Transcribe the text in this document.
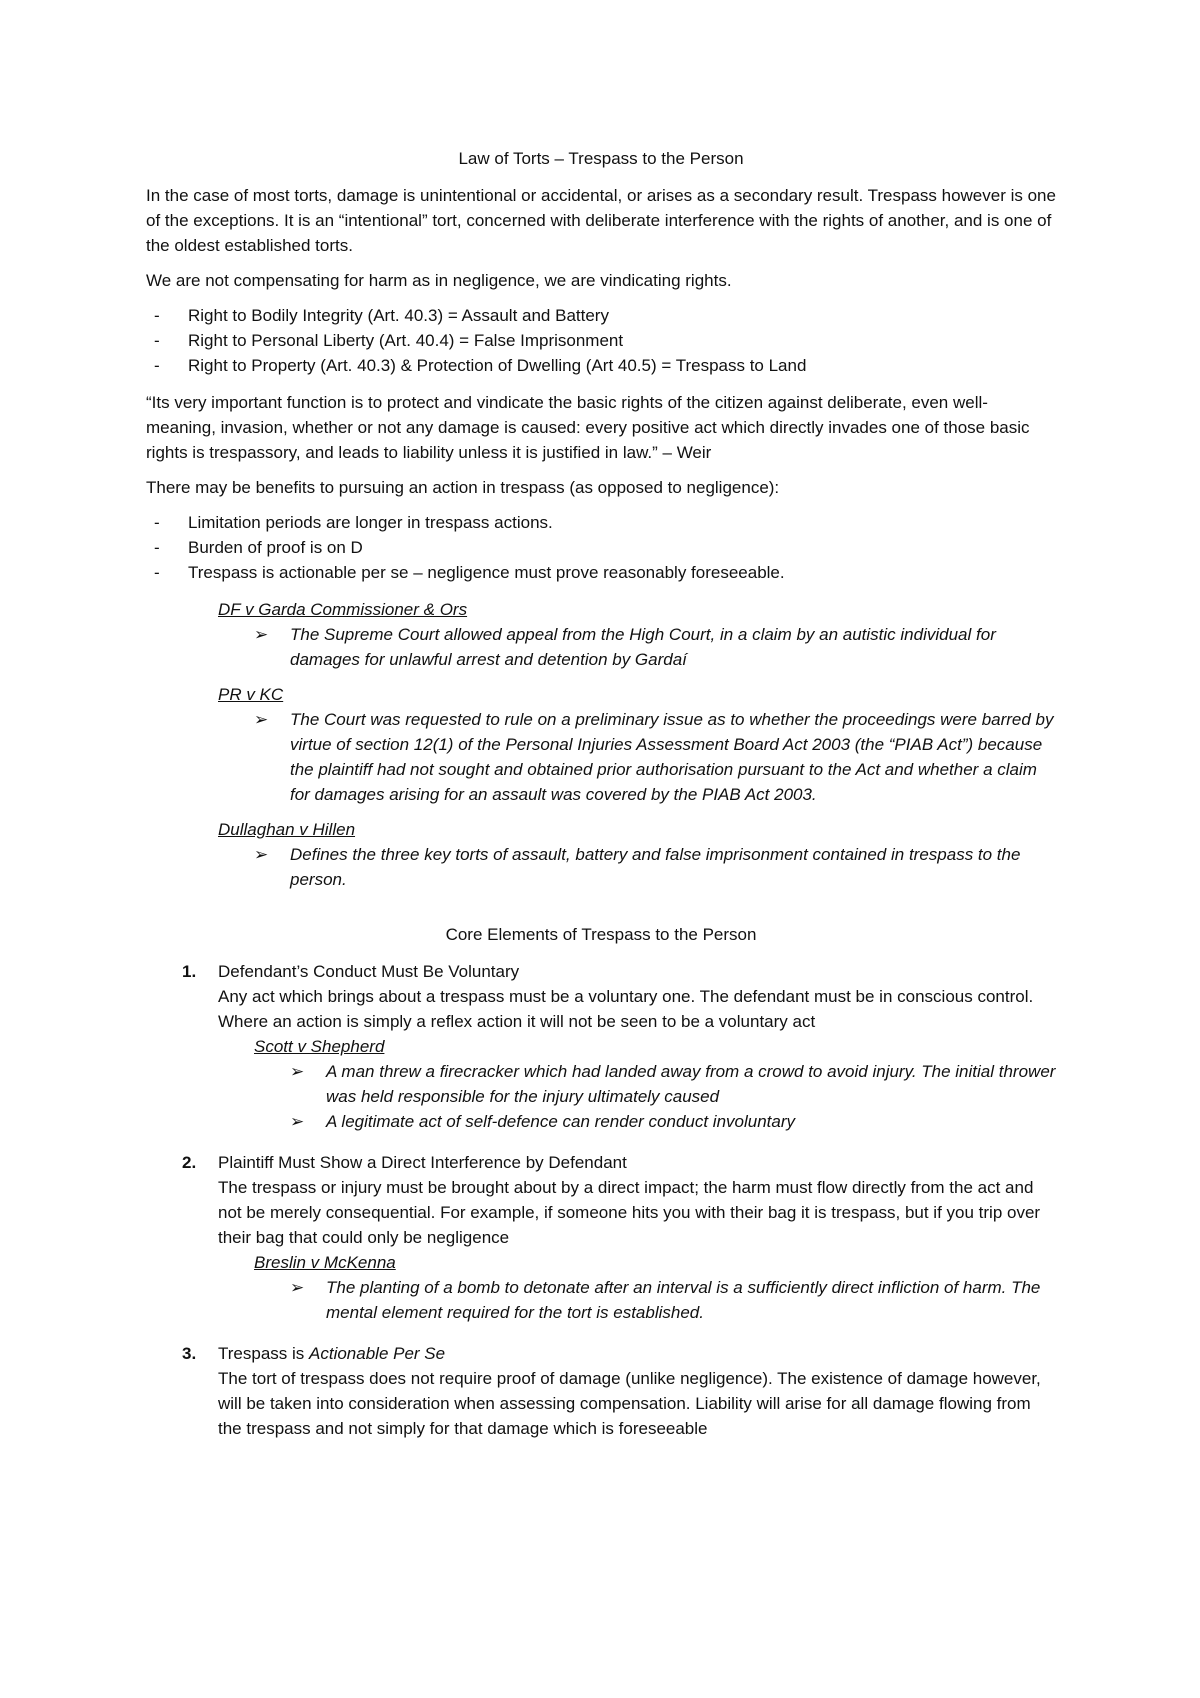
Law of Torts – Trespass to the Person

In the case of most torts, damage is unintentional or accidental, or arises as a secondary result. Trespass however is one of the exceptions. It is an “intentional” tort, concerned with deliberate interference with the rights of another, and is one of the oldest established torts.

We are not compensating for harm as in negligence, we are vindicating rights.

- Right to Bodily Integrity (Art. 40.3) = Assault and Battery
- Right to Personal Liberty (Art. 40.4) = False Imprisonment
- Right to Property (Art. 40.3) & Protection of Dwelling (Art 40.5) = Trespass to Land

“Its very important function is to protect and vindicate the basic rights of the citizen against deliberate, even well-meaning, invasion, whether or not any damage is caused: every positive act which directly invades one of those basic rights is trespassory, and leads to liability unless it is justified in law.” – Weir

There may be benefits to pursuing an action in trespass (as opposed to negligence):

- Limitation periods are longer in trespass actions.
- Burden of proof is on D
- Trespass is actionable per se – negligence must prove reasonably foreseeable.
DF v Garda Commissioner & Ors
➢ The Supreme Court allowed appeal from the High Court, in a claim by an autistic individual for damages for unlawful arrest and detention by Gardaí
PR v KC
➢ The Court was requested to rule on a preliminary issue as to whether the proceedings were barred by virtue of section 12(1) of the Personal Injuries Assessment Board Act 2003 (the “PIAB Act”) because the plaintiff had not sought and obtained prior authorisation pursuant to the Act and whether a claim for damages arising for an assault was covered by the PIAB Act 2003.
Dullaghan v Hillen
➢ Defines the three key torts of assault, battery and false imprisonment contained in trespass to the person.
Core Elements of Trespass to the Person
1. Defendant’s Conduct Must Be Voluntary
Any act which brings about a trespass must be a voluntary one. The defendant must be in conscious control. Where an action is simply a reflex action it will not be seen to be a voluntary act
Scott v Shepherd
➢ A man threw a firecracker which had landed away from a crowd to avoid injury. The initial thrower was held responsible for the injury ultimately caused
➢ A legitimate act of self-defence can render conduct involuntary
2. Plaintiff Must Show a Direct Interference by Defendant
The trespass or injury must be brought about by a direct impact; the harm must flow directly from the act and not be merely consequential. For example, if someone hits you with their bag it is trespass, but if you trip over their bag that could only be negligence
Breslin v McKenna
➢ The planting of a bomb to detonate after an interval is a sufficiently direct infliction of harm. The mental element required for the tort is established.
3. Trespass is Actionable Per Se
The tort of trespass does not require proof of damage (unlike negligence). The existence of damage however, will be taken into consideration when assessing compensation. Liability will arise for all damage flowing from the trespass and not simply for that damage which is foreseeable
